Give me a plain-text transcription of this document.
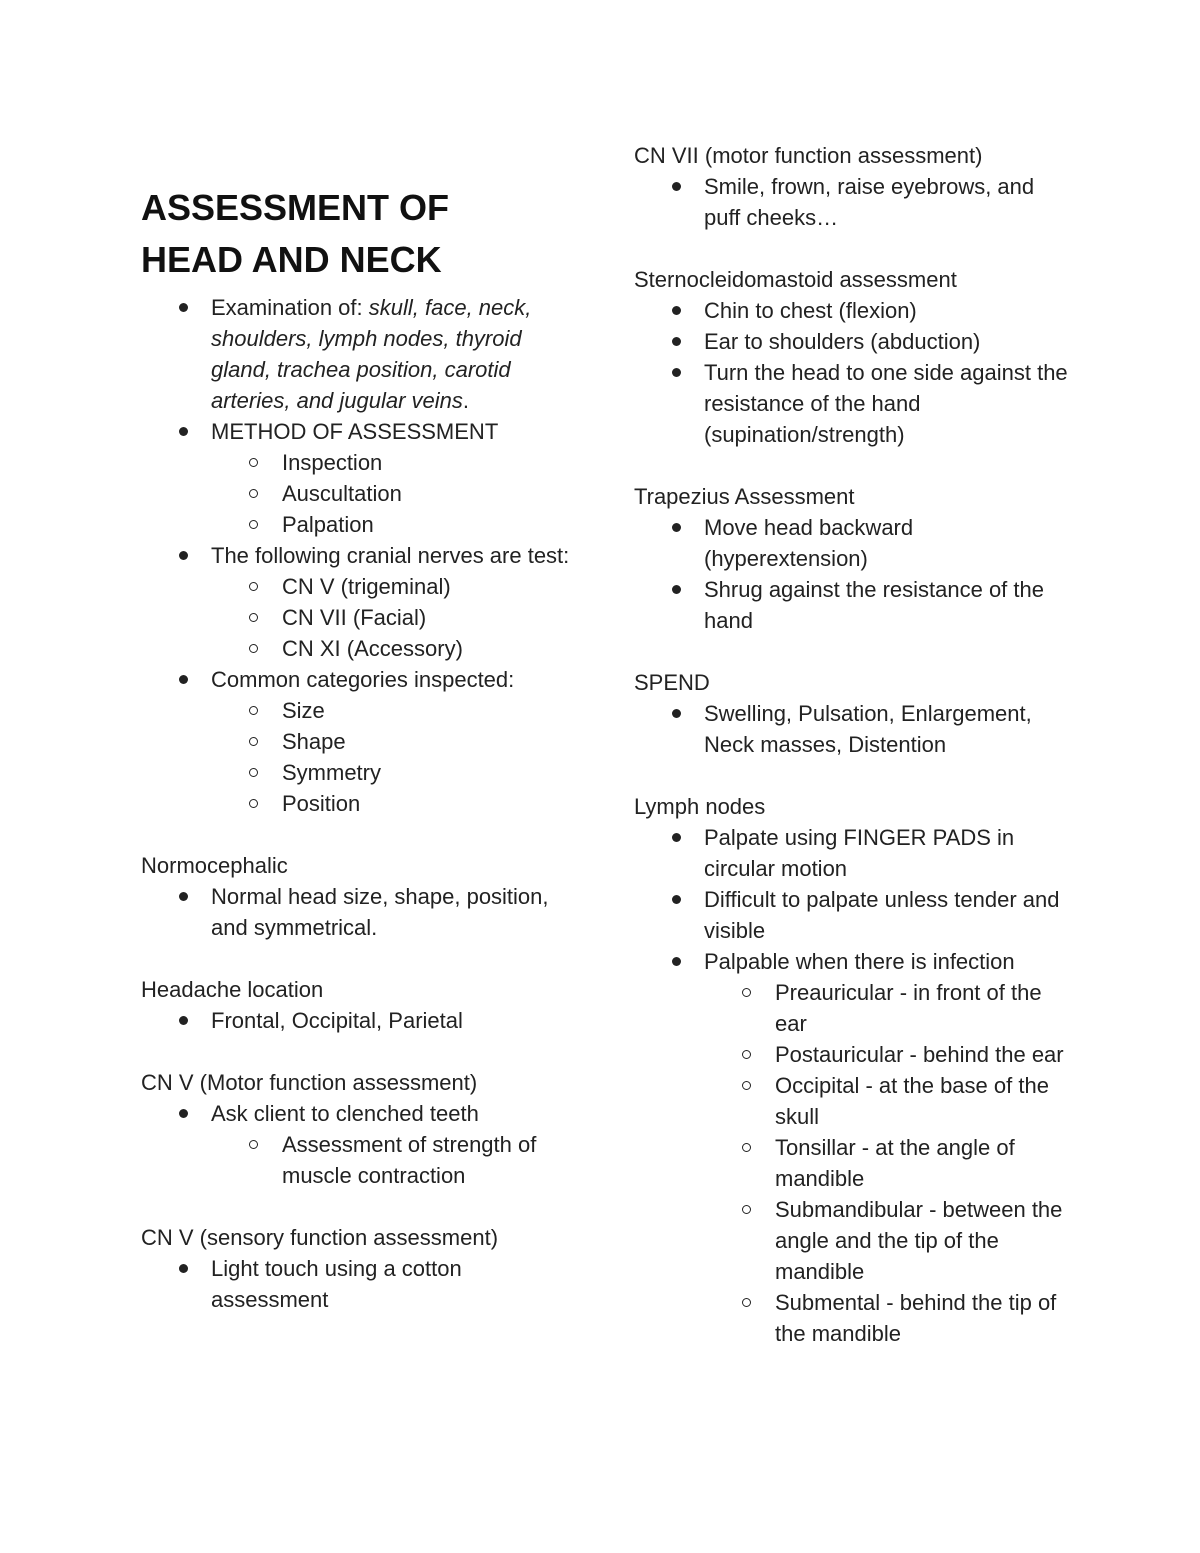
ASSESSMENT OF
HEAD AND NECK
Examination of: skull, face, neck, shoulders, lymph nodes, thyroid gland, trachea position, carotid arteries, and jugular veins.
METHOD OF ASSESSMENT
Inspection
Auscultation
Palpation
The following cranial nerves are test:
CN V (trigeminal)
CN VII (Facial)
CN XI (Accessory)
Common categories inspected:
Size
Shape
Symmetry
Position

Normocephalic

Normal head size, shape, position, and symmetrical.

Headache location

Frontal, Occipital, Parietal

CN V (Motor function assessment)

Ask client to clenched teeth
Assessment of strength of muscle contraction

CN V (sensory function assessment)

Light touch using a cotton assessment

CN VII (motor function assessment)

Smile, frown, raise eyebrows, and puff cheeks…

Sternocleidomastoid assessment

Chin to chest (flexion)
Ear to shoulders (abduction)
Turn the head to one side against the resistance of the hand (supination/strength)

Trapezius Assessment

Move head backward (hyperextension)
Shrug against the resistance of the hand

SPEND

Swelling, Pulsation, Enlargement, Neck masses, Distention

Lymph nodes

Palpate using FINGER PADS in circular motion
Difficult to palpate unless tender and visible
Palpable when there is infection
Preauricular - in front of the ear
Postauricular - behind the ear
Occipital - at the base of the skull
Tonsillar - at the angle of mandible
Submandibular - between the angle and the tip of the mandible
Submental - behind the tip of the mandible
